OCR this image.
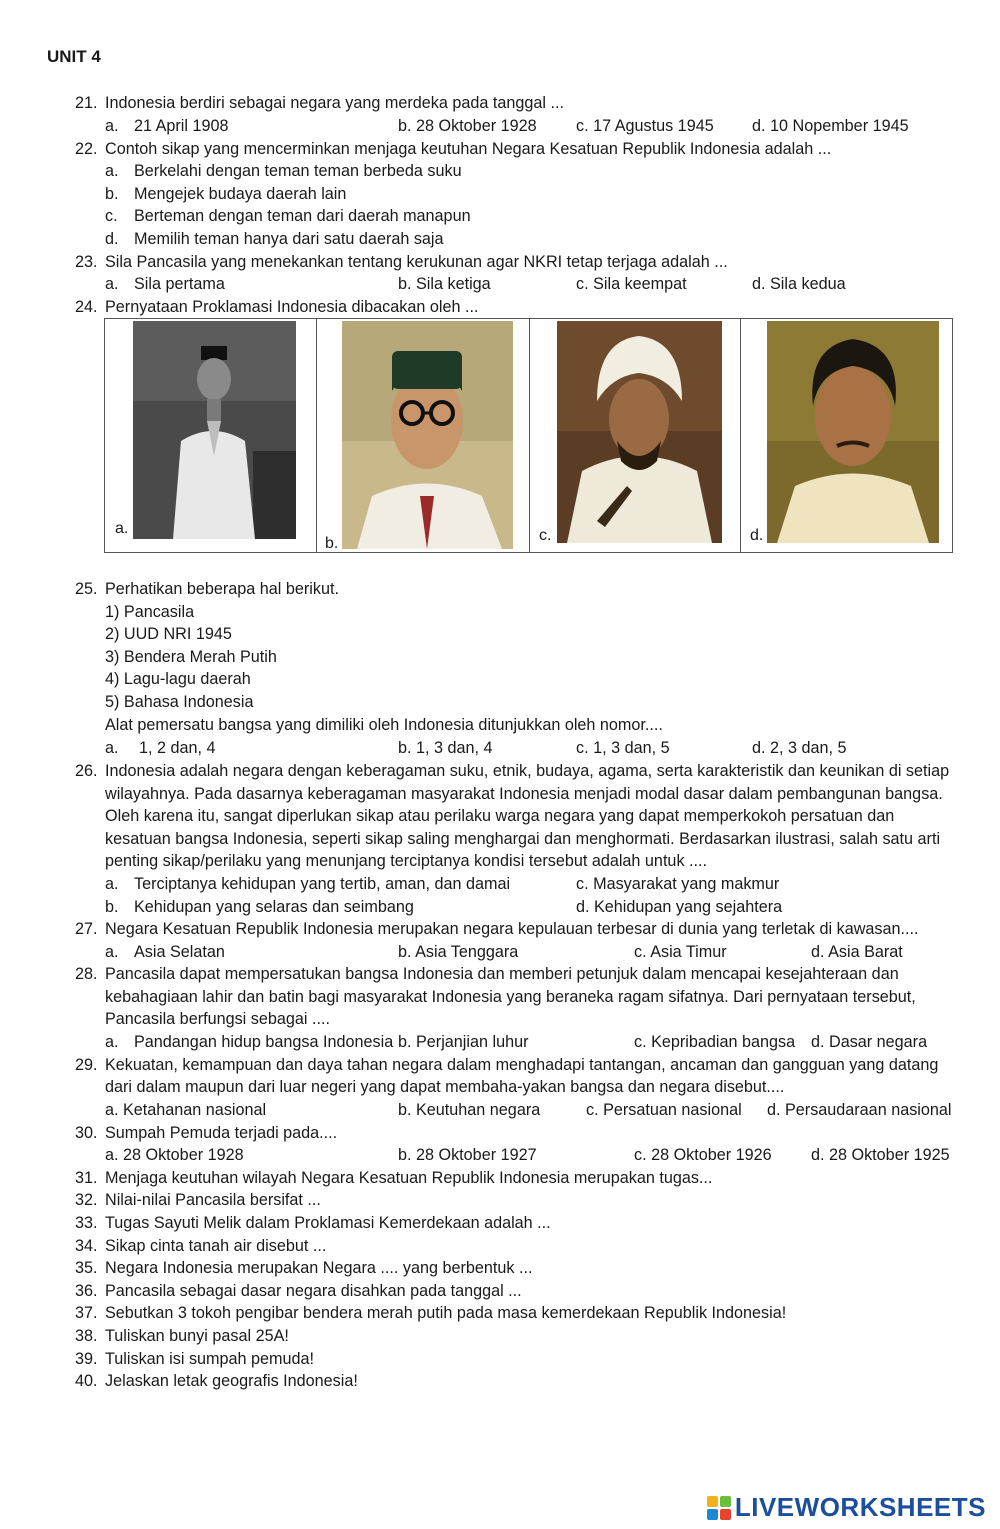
UNIT 4
21. Indonesia berdiri sebagai negara yang merdeka pada tanggal ...
a. 21 April 1908	b. 28 Oktober 1928 c. 17 Agustus 1945 d. 10 Nopember 1945
22. Contoh sikap yang mencerminkan menjaga keutuhan Negara Kesatuan Republik Indonesia adalah ...
a. Berkelahi dengan teman teman berbeda suku
b. Mengejek budaya daerah lain
c. Berteman dengan teman dari daerah manapun
d. Memilih teman hanya dari satu daerah saja
23. Sila Pancasila yang menekankan tentang kerukunan agar NKRI tetap terjaga adalah ...
a. Sila pertama	b. Sila ketiga	c. Sila keempat	d. Sila kedua
24. Pernyataan Proklamasi Indonesia dibacakan oleh ...
a.
b.	c.	d.
25. Perhatikan beberapa hal berikut.
1) Pancasila
2) UUD NRI 1945
3) Bendera Merah Putih
4) Lagu-lagu daerah
5) Bahasa Indonesia
Alat pemersatu bangsa yang dimiliki oleh Indonesia ditunjukkan oleh nomor....
a. 1, 2 dan, 4	b. 1, 3 dan, 4	c. 1, 3 dan, 5	d. 2, 3 dan, 5
26. Indonesia adalah negara dengan keberagaman suku, etnik, budaya, agama, serta karakteristik dan keunikan di setiap
wilayahnya. Pada dasarnya keberagaman masyarakat Indonesia menjadi modal dasar dalam pembangunan bangsa.
Oleh karena itu, sangat diperlukan sikap atau perilaku warga negara yang dapat memperkokoh persatuan dan
kesatuan bangsa Indonesia, seperti sikap saling menghargai dan menghormati. Berdasarkan ilustrasi, salah satu arti
penting sikap/perilaku yang menunjang terciptanya kondisi tersebut adalah untuk ....
a. Terciptanya kehidupan yang tertib, aman, dan damai	c. Masyarakat yang makmur
b. Kehidupan yang selaras dan seimbang	d. Kehidupan yang sejahtera
27. Negara Kesatuan Republik Indonesia merupakan negara kepulauan terbesar di dunia yang terletak di kawasan....
a. Asia Selatan	b. Asia Tenggara	c. Asia Timur	d. Asia Barat
28. Pancasila dapat mempersatukan bangsa Indonesia dan memberi petunjuk dalam mencapai kesejahteraan dan
kebahagiaan lahir dan batin bagi masyarakat Indonesia yang beraneka ragam sifatnya. Dari pernyataan tersebut,
Pancasila berfungsi sebagai ....
a. Pandangan hidup bangsa Indonesia b. Perjanjian luhur	c. Kepribadian bangsa d. Dasar negara
29. Kekuatan, kemampuan dan daya tahan negara dalam menghadapi tantangan, ancaman dan gangguan yang datang
dari dalam maupun dari luar negeri yang dapat membaha-yakan bangsa dan negara disebut....
a. Ketahanan nasional	b. Keutuhan negara	c. Persatuan nasional d. Persaudaraan nasional
30. Sumpah Pemuda terjadi pada....
a. 28 Oktober 1928	b. 28 Oktober 1927	c. 28 Oktober 1926 d. 28 Oktober 1925
31. Menjaga keutuhan wilayah Negara Kesatuan Republik Indonesia merupakan tugas...
32. Nilai-nilai Pancasila bersifat ...
33. Tugas Sayuti Melik dalam Proklamasi Kemerdekaan adalah ...
34. Sikap cinta tanah air disebut ...
35. Negara Indonesia merupakan Negara .... yang berbentuk ...
36. Pancasila sebagai dasar negara disahkan pada tanggal ...
37. Sebutkan 3 tokoh pengibar bendera merah putih pada masa kemerdekaan Republik Indonesia!
38. Tuliskan bunyi pasal 25A!
39. Tuliskan isi sumpah pemuda!
40. Jelaskan letak geografis Indonesia!
LIVEWORKSHEETS
